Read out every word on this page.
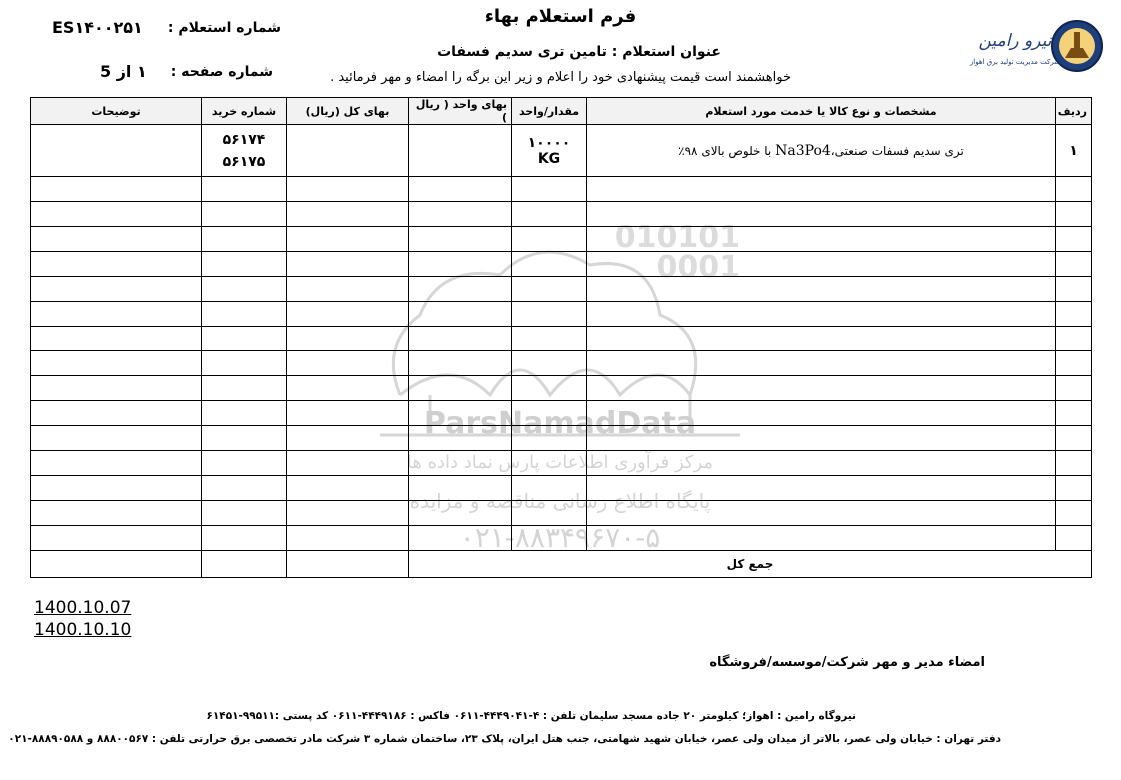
فرم استعلام بهاء
عنوان استعلام : تامین تری سدیم فسفات
خواهشمند است قیمت پیشنهادی خود را اعلام و زیر این برگه را امضاء و مهر فرمائید .
شماره استعلام :
ES۱۴۰۰۲۵۱
شماره صفحه :
۱ از 5
نیرو رامین
شرکت مدیریت تولید برق اهواز
010101
0001
ParsNamadData
مرکز فرآوری اطلاعات پارس نماد داده ها
پایگاه اطلاع رسانی مناقصه و مزایده
۰۲۱-۸۸۳۴۹۶۷۰-۵
ردیف	مشخصات و نوع کالا یا خدمت مورد استعلام	مقدار/واحد	بهای واحد ( ریال )	بهای کل (ریال)	شماره خرید	توضیحات
۱	تری سدیم فسفات صنعتی،Na3Po4 با خلوص بالای ۹۸٪	۱۰۰۰۰ KG			۵۶۱۷۴
۵۶۱۷۵	

جمع کل						
1400.10.07
1400.10.10
امضاء مدیر و مهر شرکت/موسسه/فروشگاه
نیروگاه رامین : اهواز؛ کیلومتر ۲۰ جاده مسجد سلیمان تلفن : ۴-۴۴۴۹۰۴۱-۰۶۱۱ فاکس : ۴۴۴۹۱۸۶-۰۶۱۱ کد پستی :۹۹۵۱۱-۶۱۴۵۱
دفتر تهران : خیابان ولی عصر، بالاتر از میدان ولی عصر، خیابان شهید شهامتی، جنب هتل ایران، پلاک ۲۳، ساختمان شماره ۳ شرکت مادر تخصصی برق حرارتی تلفن : ۸۸۸۰۰۵۶۷ و ۸۸۸۹۰۵۸۸-۰۲۱
